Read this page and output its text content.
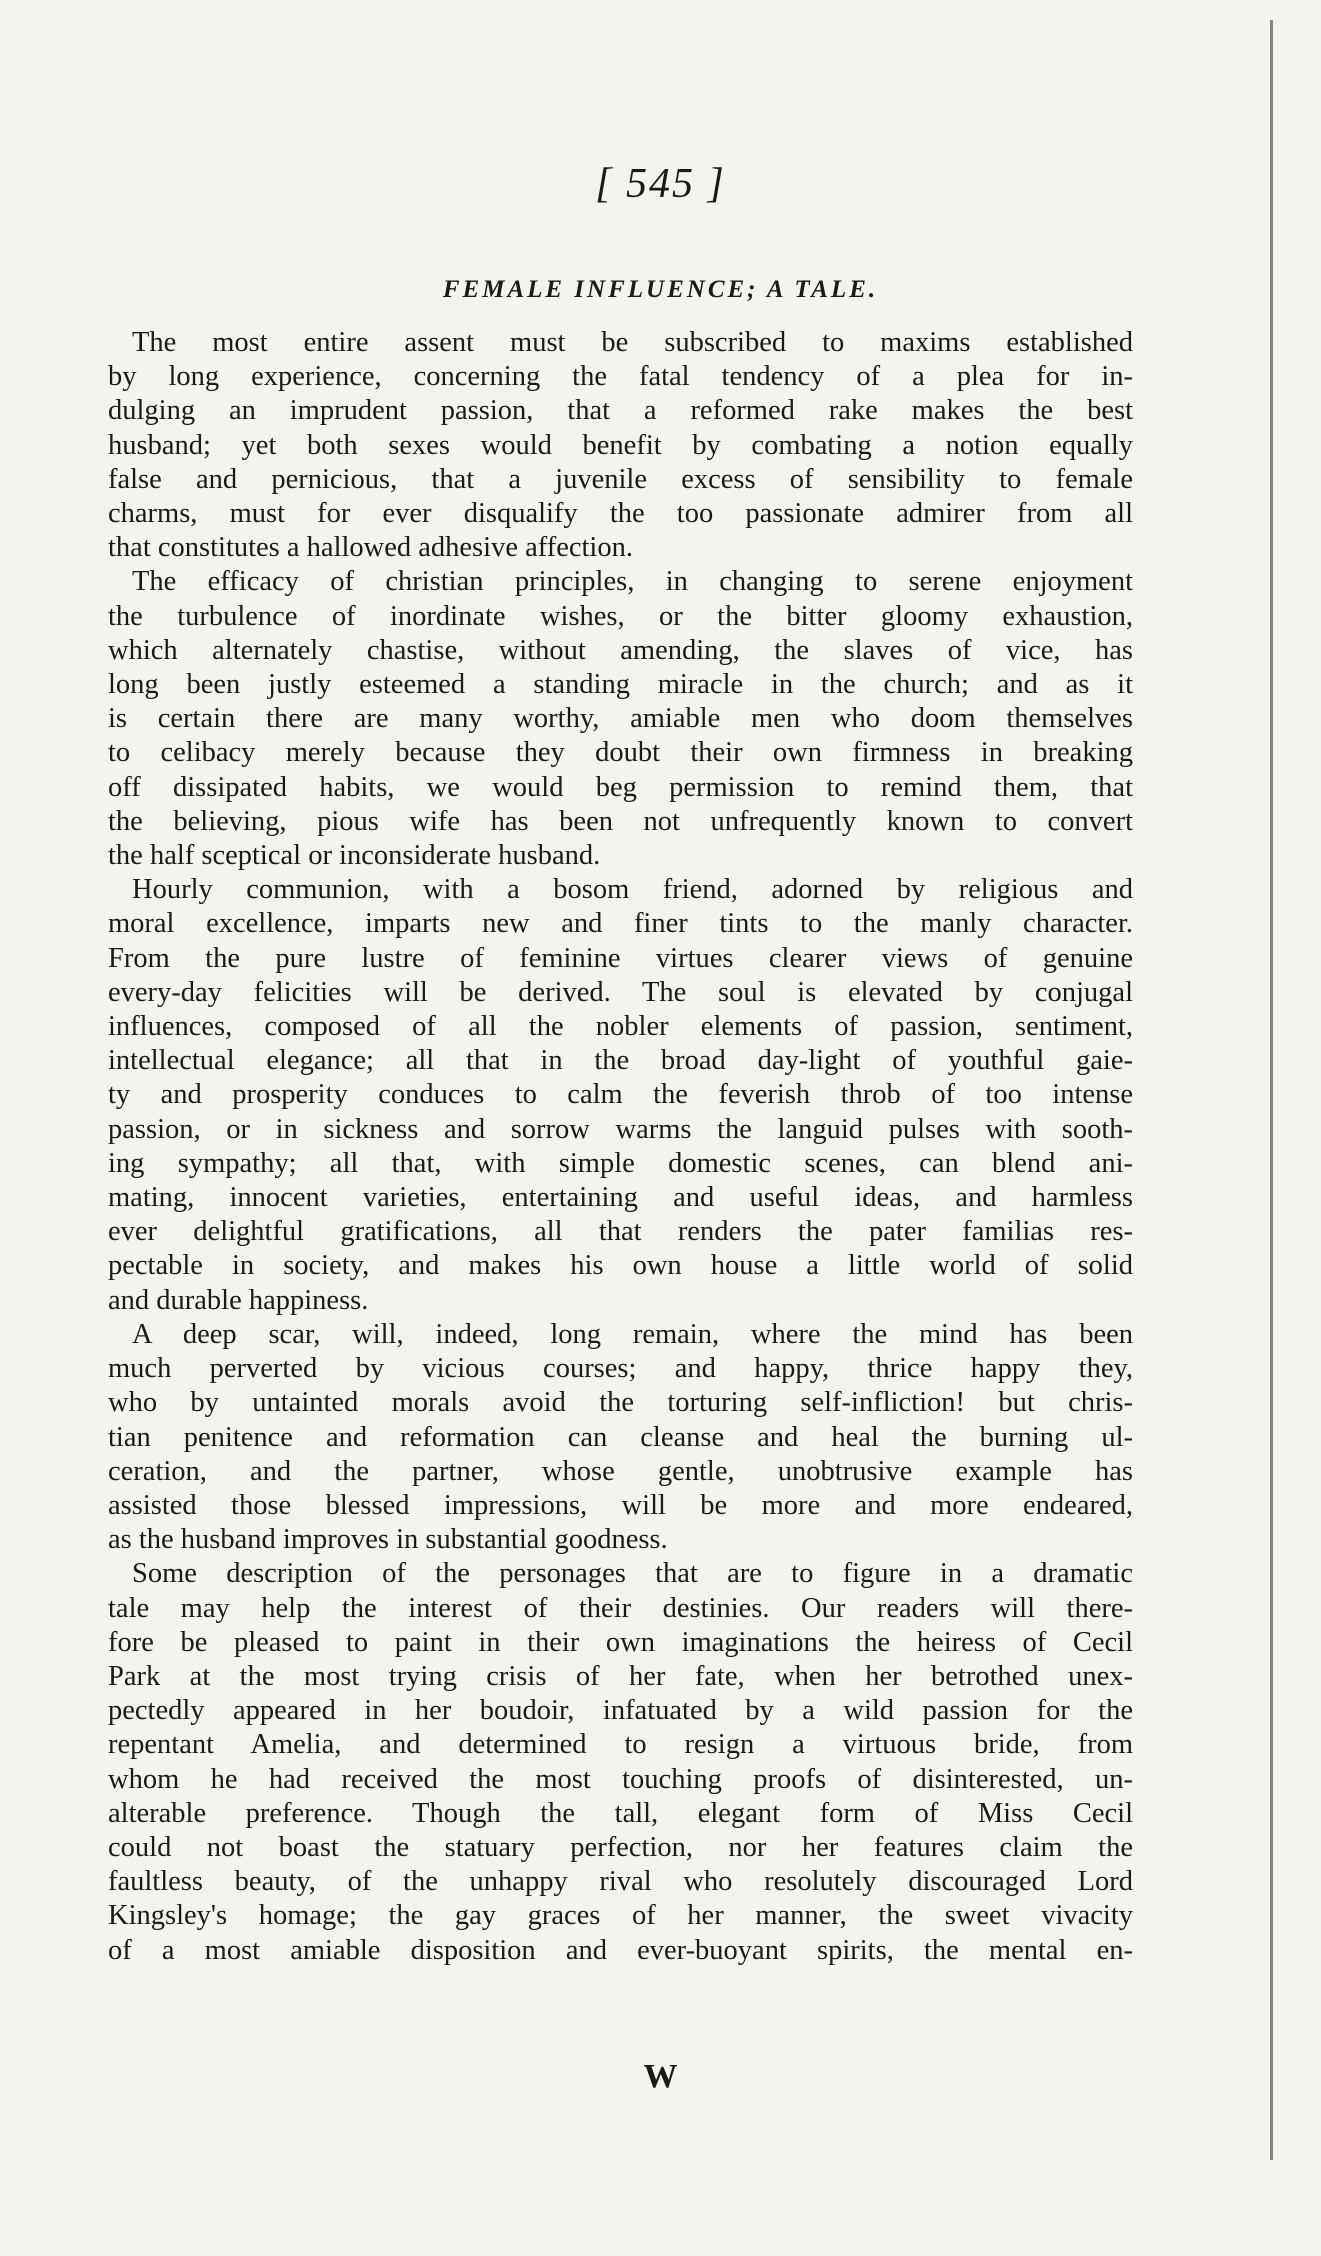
[ 545 ]
FEMALE INFLUENCE; A TALE.
The most entire assent must be subscribed to maxims established
by long experience, concerning the fatal tendency of a plea for in-
dulging an imprudent passion, that a reformed rake makes the best
husband; yet both sexes would benefit by combating a notion equally
false and pernicious, that a juvenile excess of sensibility to female
charms, must for ever disqualify the too passionate admirer from all
that constitutes a hallowed adhesive affection.
The efficacy of christian principles, in changing to serene enjoyment
the turbulence of inordinate wishes, or the bitter gloomy exhaustion,
which alternately chastise, without amending, the slaves of vice, has
long been justly esteemed a standing miracle in the church; and as it
is certain there are many worthy, amiable men who doom themselves
to celibacy merely because they doubt their own firmness in breaking
off dissipated habits, we would beg permission to remind them, that
the believing, pious wife has been not unfrequently known to convert
the half sceptical or inconsiderate husband.
Hourly communion, with a bosom friend, adorned by religious and
moral excellence, imparts new and finer tints to the manly character.
From the pure lustre of feminine virtues clearer views of genuine
every-day felicities will be derived. The soul is elevated by conjugal
influences, composed of all the nobler elements of passion, sentiment,
intellectual elegance; all that in the broad day-light of youthful gaie-
ty and prosperity conduces to calm the feverish throb of too intense
passion, or in sickness and sorrow warms the languid pulses with sooth-
ing sympathy; all that, with simple domestic scenes, can blend ani-
mating, innocent varieties, entertaining and useful ideas, and harmless
ever delightful gratifications, all that renders the pater familias res-
pectable in society, and makes his own house a little world of solid
and durable happiness.
A deep scar, will, indeed, long remain, where the mind has been
much perverted by vicious courses; and happy, thrice happy they,
who by untainted morals avoid the torturing self-infliction! but chris-
tian penitence and reformation can cleanse and heal the burning ul-
ceration, and the partner, whose gentle, unobtrusive example has
assisted those blessed impressions, will be more and more endeared,
as the husband improves in substantial goodness.
Some description of the personages that are to figure in a dramatic
tale may help the interest of their destinies. Our readers will there-
fore be pleased to paint in their own imaginations the heiress of Cecil
Park at the most trying crisis of her fate, when her betrothed unex-
pectedly appeared in her boudoir, infatuated by a wild passion for the
repentant Amelia, and determined to resign a virtuous bride, from
whom he had received the most touching proofs of disinterested, un-
alterable preference. Though the tall, elegant form of Miss Cecil
could not boast the statuary perfection, nor her features claim the
faultless beauty, of the unhappy rival who resolutely discouraged Lord
Kingsley's homage; the gay graces of her manner, the sweet vivacity
of a most amiable disposition and ever-buoyant spirits, the mental en-
W
